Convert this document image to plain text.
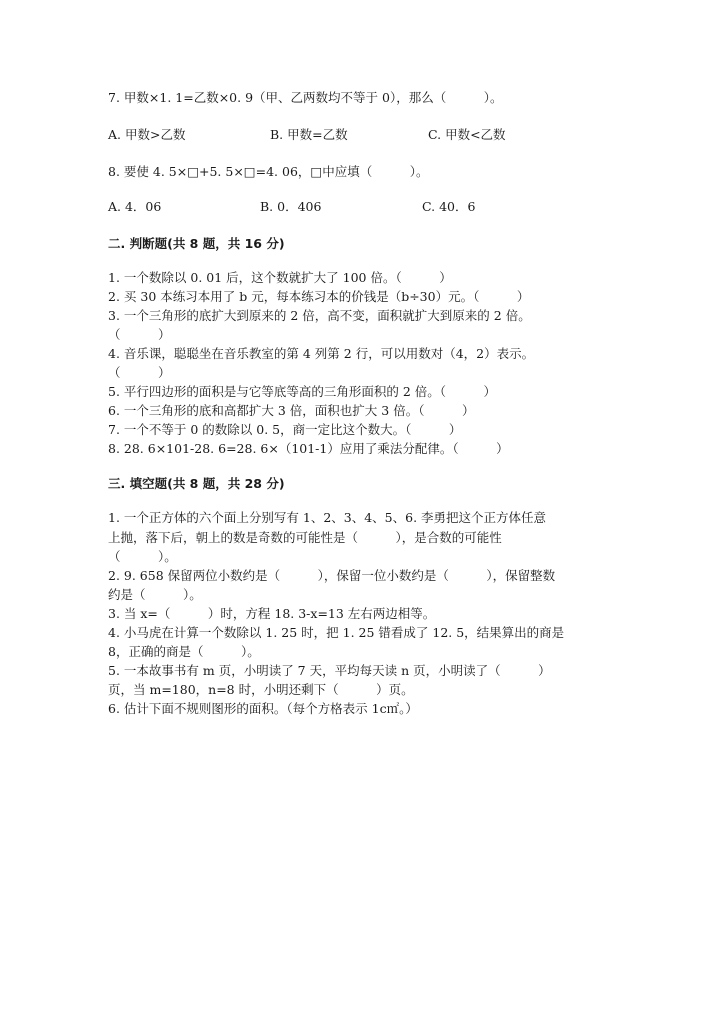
7. 甲数×1. 1=乙数×0. 9（甲、乙两数均不等于 0），那么（　　　）。
A. 甲数>乙数	B. 甲数=乙数	C. 甲数<乙数
8. 要使 4. 5×□+5. 5×□=4. 06，□中应填（　　　）。
A. 4．06	B. 0．406	C. 40．6
二. 判断题(共 8 题，共 16 分)
1. 一个数除以 0. 01 后，这个数就扩大了 100 倍。（　　　）
2. 买 30 本练习本用了 b 元，每本练习本的价钱是（b÷30）元。（　　　）
3. 一个三角形的底扩大到原来的 2 倍，高不变，面积就扩大到原来的 2 倍。
（　　　）
4. 音乐课，聪聪坐在音乐教室的第 4 列第 2 行，可以用数对（4，2）表示。
（　　　）
5. 平行四边形的面积是与它等底等高的三角形面积的 2 倍。（　　　）
6. 一个三角形的底和高都扩大 3 倍，面积也扩大 3 倍。（　　　）
7. 一个不等于 0 的数除以 0. 5，商一定比这个数大。（　　　）
8. 28. 6×101-28. 6=28. 6×（101-1）应用了乘法分配律。（　　　）
三. 填空题(共 8 题，共 28 分)
1. 一个正方体的六个面上分别写有 1、2、3、4、5、6. 李勇把这个正方体任意
上抛，落下后，朝上的数是奇数的可能性是（　　　），是合数的可能性
（　　　）。
2. 9. 658 保留两位小数约是（　　　），保留一位小数约是（　　　），保留整数
约是（　　　）。
3. 当 x=（　　　）时，方程 18. 3-x=13 左右两边相等。
4. 小马虎在计算一个数除以 1. 25 时，把 1. 25 错看成了 12. 5，结果算出的商是
8，正确的商是（　　　）。
5. 一本故事书有 m 页，小明读了 7 天，平均每天读 n 页，小明读了（　　　）
页，当 m=180，n=8 时，小明还剩下（　　　）页。
6. 估计下面不规则图形的面积。（每个方格表示 1c㎡。）
